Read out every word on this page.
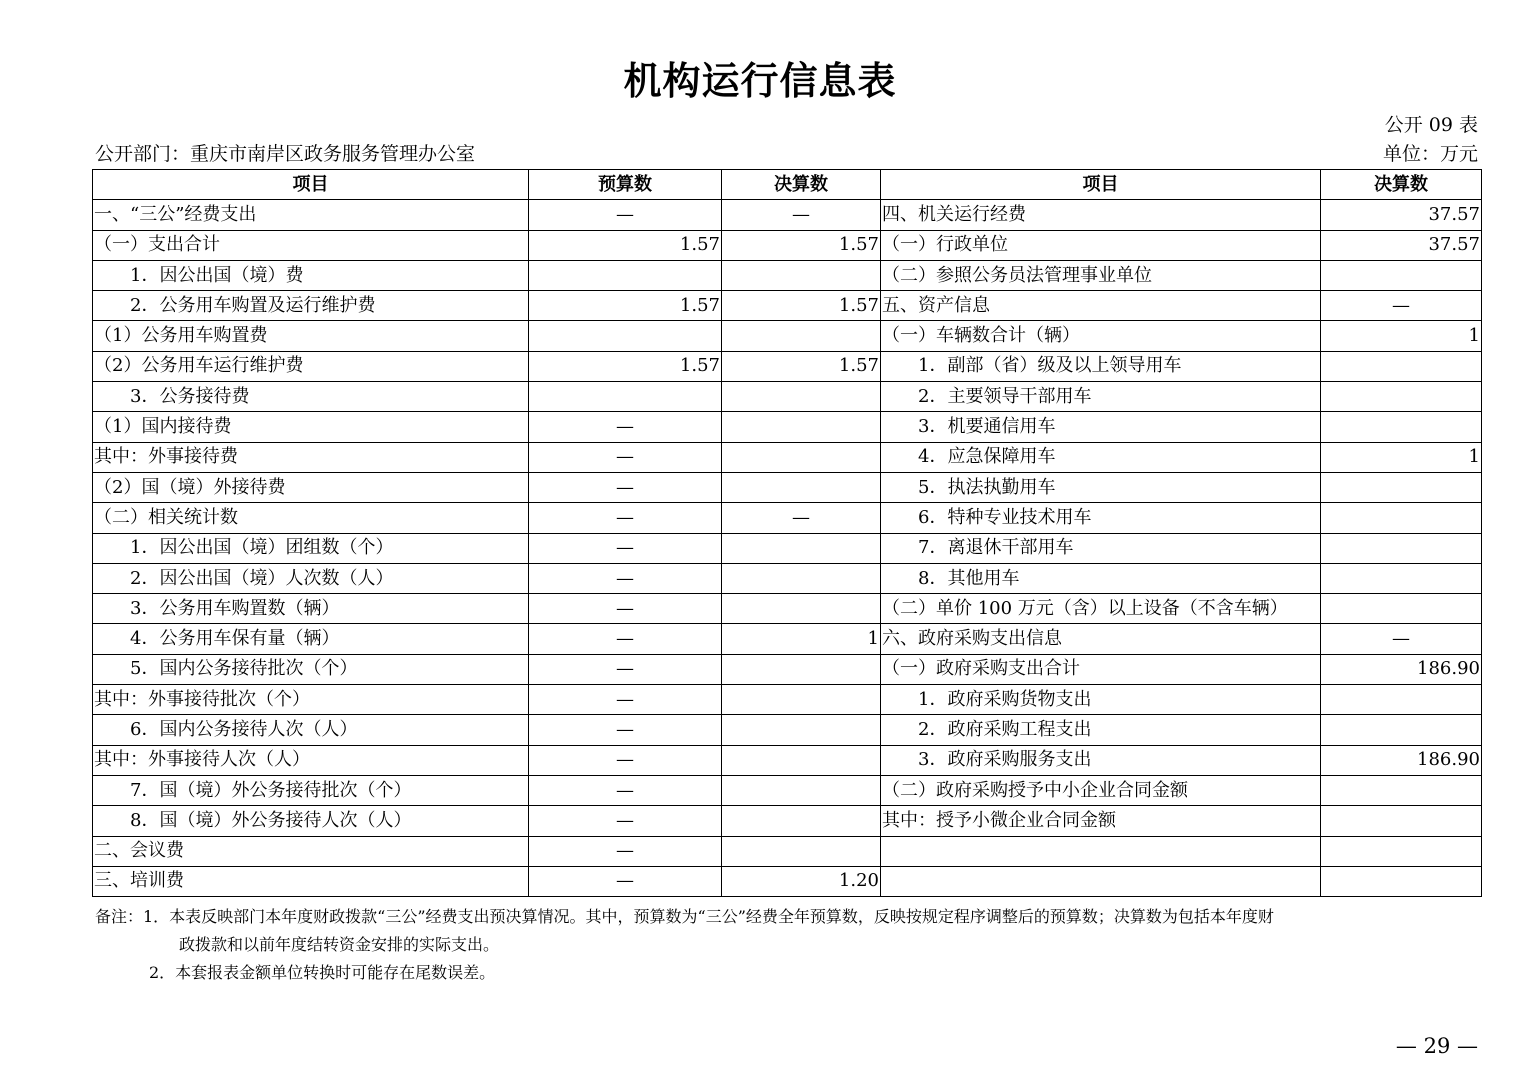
机构运行信息表
公开 09 表
公开部门：重庆市南岸区政务服务管理办公室	单位：万元
项目	预算数	决算数	项目	决算数
一、“三公”经费支出	—	—	四、机关运行经费	37.57
（一）支出合计	1.57	1.57	（一）行政单位	37.57
　　1．因公出国（境）费			（二）参照公务员法管理事业单位	
　　2．公务用车购置及运行维护费	1.57	1.57	五、资产信息	—
（1）公务用车购置费			（一）车辆数合计（辆）	1
（2）公务用车运行维护费	1.57	1.57	　　1．副部（省）级及以上领导用车	
　　3．公务接待费			　　2．主要领导干部用车	
（1）国内接待费	—		　　3．机要通信用车	
其中：外事接待费	—		　　4．应急保障用车	1
（2）国（境）外接待费	—		　　5．执法执勤用车	
（二）相关统计数	—	—	　　6．特种专业技术用车	
　　1．因公出国（境）团组数（个）	—		　　7．离退休干部用车	
　　2．因公出国（境）人次数（人）	—		　　8．其他用车	
　　3．公务用车购置数（辆）	—		（二）单价 100 万元（含）以上设备（不含车辆）	
　　4．公务用车保有量（辆）	—	1	六、政府采购支出信息	—
　　5．国内公务接待批次（个）	—		（一）政府采购支出合计	186.90
其中：外事接待批次（个）	—		　　1．政府采购货物支出	
　　6．国内公务接待人次（人）	—		　　2．政府采购工程支出	
其中：外事接待人次（人）	—		　　3．政府采购服务支出	186.90
　　7．国（境）外公务接待批次（个）	—		（二）政府采购授予中小企业合同金额	
　　8．国（境）外公务接待人次（人）	—		其中：授予小微企业合同金额	
二、会议费	—			
三、培训费	—	1.20		
备注：1．本表反映部门本年度财政拨款“三公”经费支出预决算情况。其中，预算数为“三公”经费全年预算数，反映按规定程序调整后的预算数；决算数为包括本年度财
政拨款和以前年度结转资金安排的实际支出。
2．本套报表金额单位转换时可能存在尾数误差。
— 29 —
